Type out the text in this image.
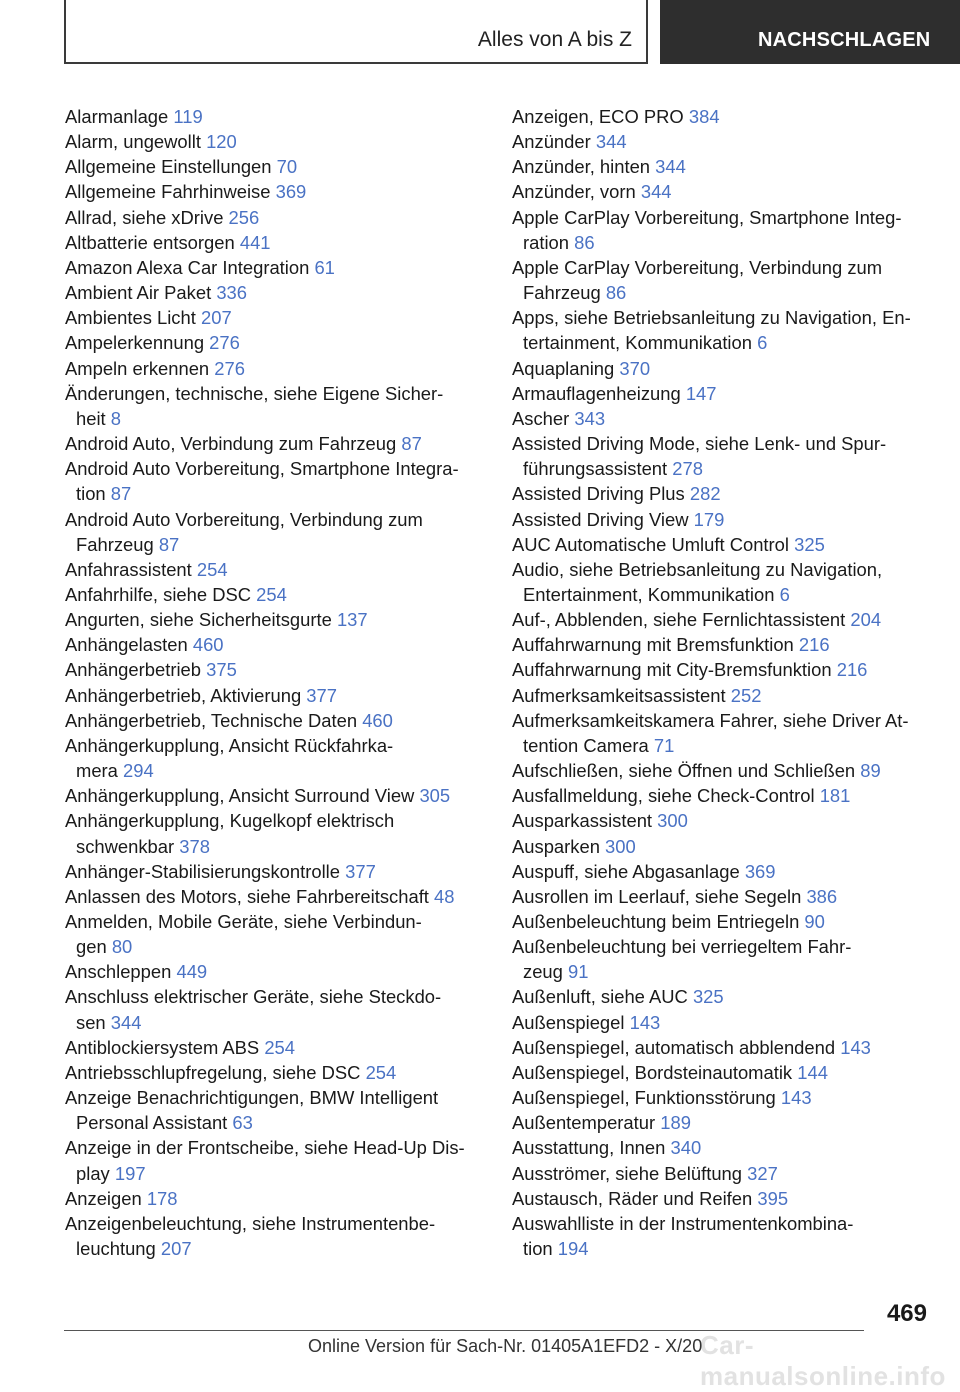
Alles von A bis Z	NACHSCHLAGEN
Alarmanlage 119
Alarm, ungewollt 120
Allgemeine Einstellungen 70
Allgemeine Fahrhinweise 369
Allrad, siehe xDrive 256
Altbatterie entsorgen 441
Amazon Alexa Car Integration 61
Ambient Air Paket 336
Ambientes Licht 207
Ampelerkennung 276
Ampeln erkennen 276
Änderungen, technische, siehe Eigene Sicher-
heit 8
Android Auto, Verbindung zum Fahrzeug 87
Android Auto Vorbereitung, Smartphone Integra-
tion 87
Android Auto Vorbereitung, Verbindung zum
Fahrzeug 87
Anfahrassistent 254
Anfahrhilfe, siehe DSC 254
Angurten, siehe Sicherheitsgurte 137
Anhängelasten 460
Anhängerbetrieb 375
Anhängerbetrieb, Aktivierung 377
Anhängerbetrieb, Technische Daten 460
Anhängerkupplung, Ansicht Rückfahrka-
mera 294
Anhängerkupplung, Ansicht Surround View 305
Anhängerkupplung, Kugelkopf elektrisch
schwenkbar 378
Anhänger-Stabilisierungskontrolle 377
Anlassen des Motors, siehe Fahrbereitschaft 48
Anmelden, Mobile Geräte, siehe Verbindun-
gen 80
Anschleppen 449
Anschluss elektrischer Geräte, siehe Steckdo-
sen 344
Antiblockiersystem ABS 254
Antriebsschlupfregelung, siehe DSC 254
Anzeige Benachrichtigungen, BMW Intelligent
Personal Assistant 63
Anzeige in der Frontscheibe, siehe Head-Up Dis-
play 197
Anzeigen 178
Anzeigenbeleuchtung, siehe Instrumentenbe-
leuchtung 207
Anzeigen, ECO PRO 384
Anzünder 344
Anzünder, hinten 344
Anzünder, vorn 344
Apple CarPlay Vorbereitung, Smartphone Integ-
ration 86
Apple CarPlay Vorbereitung, Verbindung zum
Fahrzeug 86
Apps, siehe Betriebsanleitung zu Navigation, En-
tertainment, Kommunikation 6
Aquaplaning 370
Armauflagenheizung 147
Ascher 343
Assisted Driving Mode, siehe Lenk- und Spur-
führungsassistent 278
Assisted Driving Plus 282
Assisted Driving View 179
AUC Automatische Umluft Control 325
Audio, siehe Betriebsanleitung zu Navigation,
Entertainment, Kommunikation 6
Auf-, Abblenden, siehe Fernlichtassistent 204
Auffahrwarnung mit Bremsfunktion 216
Auffahrwarnung mit City-Bremsfunktion 216
Aufmerksamkeitsassistent 252
Aufmerksamkeitskamera Fahrer, siehe Driver At-
tention Camera 71
Aufschließen, siehe Öffnen und Schließen 89
Ausfallmeldung, siehe Check-Control 181
Ausparkassistent 300
Ausparken 300
Auspuff, siehe Abgasanlage 369
Ausrollen im Leerlauf, siehe Segeln 386
Außenbeleuchtung beim Entriegeln 90
Außenbeleuchtung bei verriegeltem Fahr-
zeug 91
Außenluft, siehe AUC 325
Außenspiegel 143
Außenspiegel, automatisch abblendend 143
Außenspiegel, Bordsteinautomatik 144
Außenspiegel, Funktionsstörung 143
Außentemperatur 189
Ausstattung, Innen 340
Ausströmer, siehe Belüftung 327
Austausch, Räder und Reifen 395
Auswahlliste in der Instrumentenkombina-
tion 194
469
Car-manualsonline.info
Online Version für Sach-Nr. 01405A1EFD2 - X/20
